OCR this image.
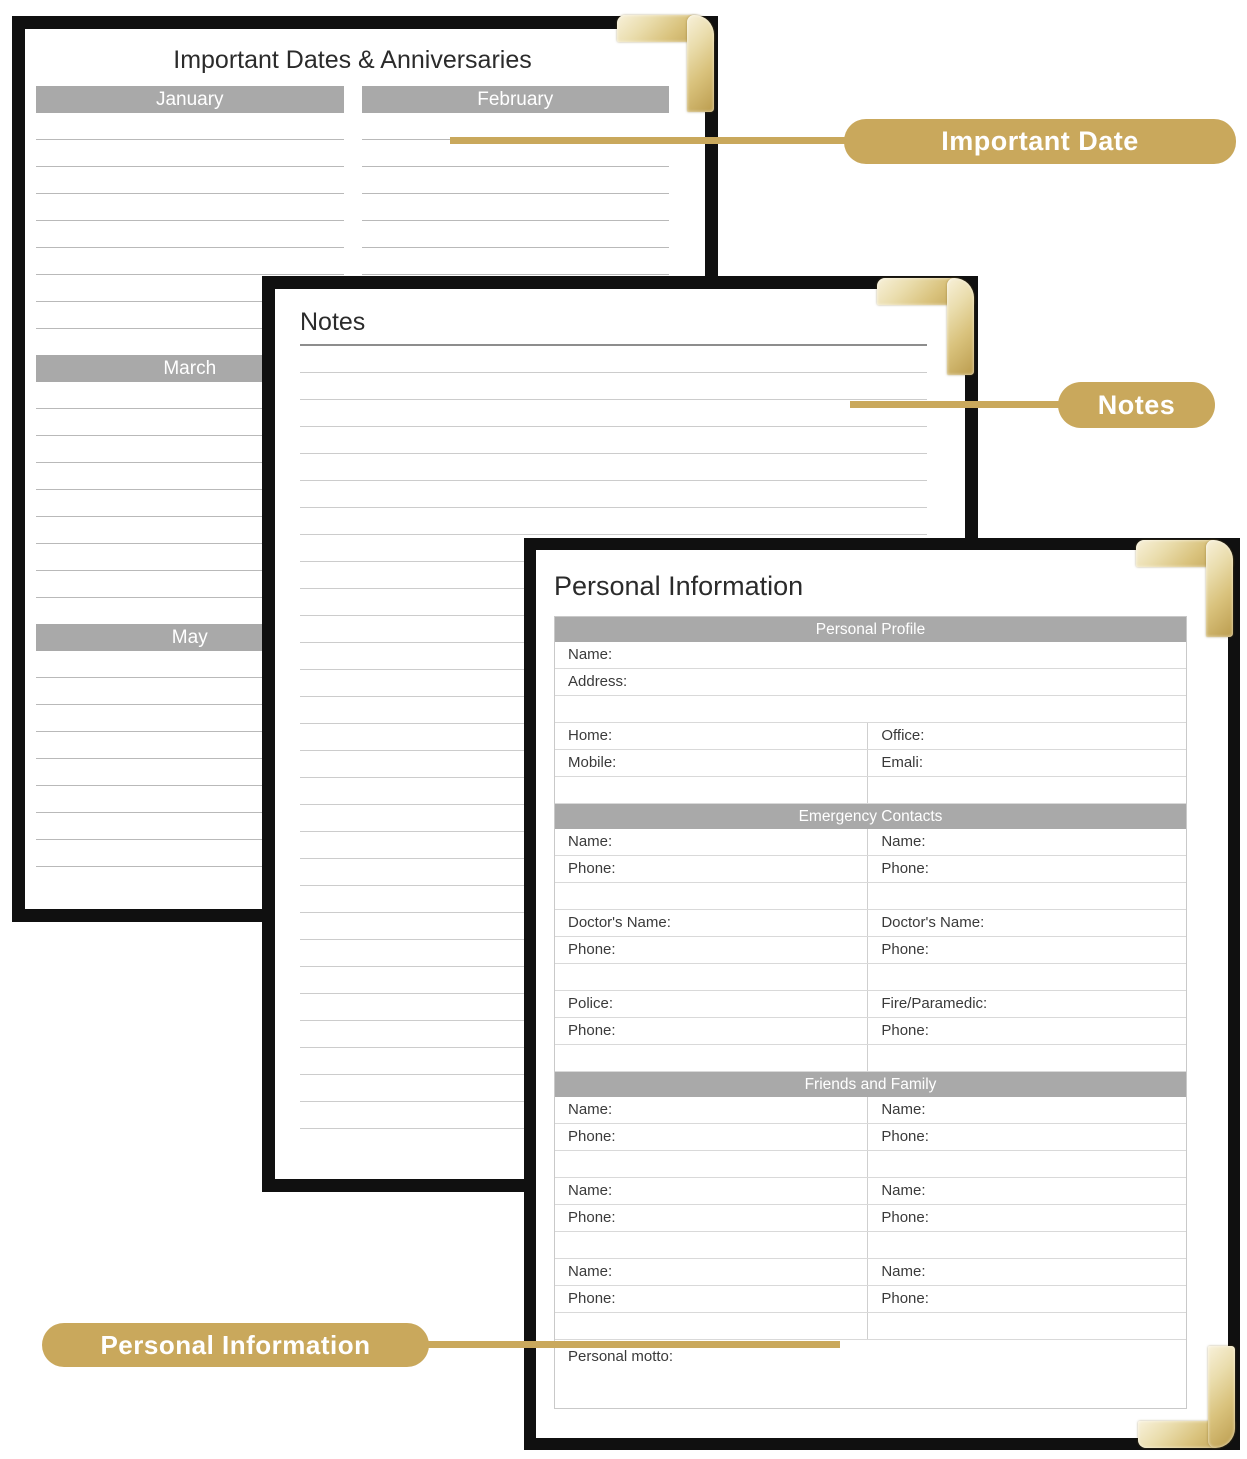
Important Dates & Anniversaries
January
March
May
February
Notes
Personal Information
Personal Profile
Name:
Address:
Home:	Office:
Mobile:	Emali:
Emergency Contacts
Name:	Name:
Phone:	Phone:
Doctor's Name:	Doctor's Name:
Phone:	Phone:
Police:	Fire/Paramedic:
Phone:	Phone:
Friends and Family
Name:	Name:
Phone:	Phone:
Name:	Name:
Phone:	Phone:
Name:	Name:
Phone:	Phone:
Personal motto:
Important Date
Notes
Personal Information
